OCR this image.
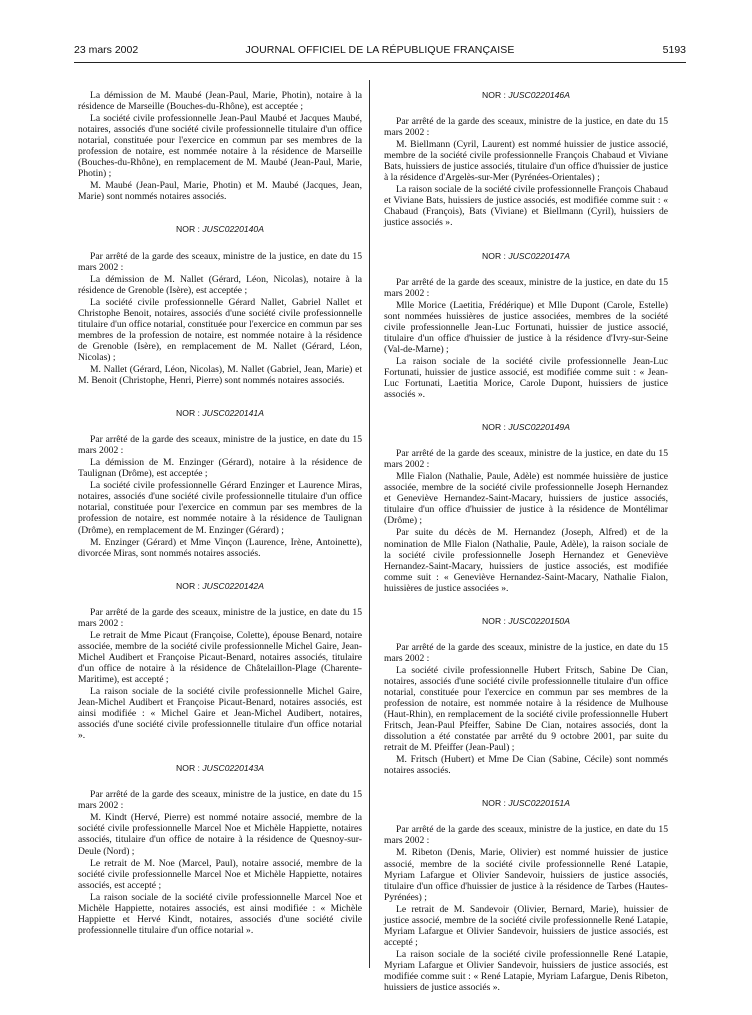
23 mars 2002	JOURNAL OFFICIEL DE LA RÉPUBLIQUE FRANÇAISE	5193

La démission de M. Maubé (Jean-Paul, Marie, Photin), notaire à la résidence de Marseille (Bouches-du-Rhône), est acceptée ;

La société civile professionnelle Jean-Paul Maubé et Jacques Maubé, notaires, associés d'une société civile professionnelle titulaire d'un office notarial, constituée pour l'exercice en commun par ses membres de la profession de notaire, est nommée notaire à la résidence de Marseille (Bouches-du-Rhône), en remplacement de M. Maubé (Jean-Paul, Marie, Photin) ;

M. Maubé (Jean-Paul, Marie, Photin) et M. Maubé (Jacques, Jean, Marie) sont nommés notaires associés.

NOR : JUSC0220140A

Par arrêté de la garde des sceaux, ministre de la justice, en date du 15 mars 2002 :

La démission de M. Nallet (Gérard, Léon, Nicolas), notaire à la résidence de Grenoble (Isère), est acceptée ;

La société civile professionnelle Gérard Nallet, Gabriel Nallet et Christophe Benoit, notaires, associés d'une société civile professionnelle titulaire d'un office notarial, constituée pour l'exercice en commun par ses membres de la profession de notaire, est nommée notaire à la résidence de Grenoble (Isère), en remplacement de M. Nallet (Gérard, Léon, Nicolas) ;

M. Nallet (Gérard, Léon, Nicolas), M. Nallet (Gabriel, Jean, Marie) et M. Benoit (Christophe, Henri, Pierre) sont nommés notaires associés.

NOR : JUSC0220141A

Par arrêté de la garde des sceaux, ministre de la justice, en date du 15 mars 2002 :

La démission de M. Enzinger (Gérard), notaire à la résidence de Taulignan (Drôme), est acceptée ;

La société civile professionnelle Gérard Enzinger et Laurence Miras, notaires, associés d'une société civile professionnelle titulaire d'un office notarial, constituée pour l'exercice en commun par ses membres de la profession de notaire, est nommée notaire à la résidence de Taulignan (Drôme), en remplacement de M. Enzinger (Gérard) ;

M. Enzinger (Gérard) et Mme Vinçon (Laurence, Irène, Antoinette), divorcée Miras, sont nommés notaires associés.

NOR : JUSC0220142A

Par arrêté de la garde des sceaux, ministre de la justice, en date du 15 mars 2002 :

Le retrait de Mme Picaut (Françoise, Colette), épouse Benard, notaire associée, membre de la société civile professionnelle Michel Gaire, Jean-Michel Audibert et Françoise Picaut-Benard, notaires associés, titulaire d'un office de notaire à la résidence de Châtelaillon-Plage (Charente-Maritime), est accepté ;

La raison sociale de la société civile professionnelle Michel Gaire, Jean-Michel Audibert et Françoise Picaut-Benard, notaires associés, est ainsi modifiée : « Michel Gaire et Jean-Michel Audibert, notaires, associés d'une société civile professionnelle titulaire d'un office notarial ».

NOR : JUSC0220143A

Par arrêté de la garde des sceaux, ministre de la justice, en date du 15 mars 2002 :

M. Kindt (Hervé, Pierre) est nommé notaire associé, membre de la société civile professionnelle Marcel Noe et Michèle Happiette, notaires associés, titulaire d'un office de notaire à la résidence de Quesnoy-sur-Deule (Nord) ;

Le retrait de M. Noe (Marcel, Paul), notaire associé, membre de la société civile professionnelle Marcel Noe et Michèle Happiette, notaires associés, est accepté ;

La raison sociale de la société civile professionnelle Marcel Noe et Michèle Happiette, notaires associés, est ainsi modifiée : « Michèle Happiette et Hervé Kindt, notaires, associés d'une société civile professionnelle titulaire d'un office notarial ».

NOR : JUSC0220146A

Par arrêté de la garde des sceaux, ministre de la justice, en date du 15 mars 2002 :

M. Biellmann (Cyril, Laurent) est nommé huissier de justice associé, membre de la société civile professionnelle François Chabaud et Viviane Bats, huissiers de justice associés, titulaire d'un office d'huissier de justice à la résidence d'Argelès-sur-Mer (Pyrénées-Orientales) ;

La raison sociale de la société civile professionnelle François Chabaud et Viviane Bats, huissiers de justice associés, est modifiée comme suit : « Chabaud (François), Bats (Viviane) et Biellmann (Cyril), huissiers de justice associés ».

NOR : JUSC0220147A

Par arrêté de la garde des sceaux, ministre de la justice, en date du 15 mars 2002 :

Mlle Morice (Laetitia, Frédérique) et Mlle Dupont (Carole, Estelle) sont nommées huissières de justice associées, membres de la société civile professionnelle Jean-Luc Fortunati, huissier de justice associé, titulaire d'un office d'huissier de justice à la résidence d'Ivry-sur-Seine (Val-de-Marne) ;

La raison sociale de la société civile professionnelle Jean-Luc Fortunati, huissier de justice associé, est modifiée comme suit : « Jean-Luc Fortunati, Laetitia Morice, Carole Dupont, huissiers de justice associés ».

NOR : JUSC0220149A

Par arrêté de la garde des sceaux, ministre de la justice, en date du 15 mars 2002 :

Mlle Fialon (Nathalie, Paule, Adèle) est nommée huissière de justice associée, membre de la société civile professionnelle Joseph Hernandez et Geneviève Hernandez-Saint-Macary, huissiers de justice associés, titulaire d'un office d'huissier de justice à la résidence de Montélimar (Drôme) ;

Par suite du décès de M. Hernandez (Joseph, Alfred) et de la nomination de Mlle Fialon (Nathalie, Paule, Adèle), la raison sociale de la société civile professionnelle Joseph Hernandez et Geneviève Hernandez-Saint-Macary, huissiers de justice associés, est modifiée comme suit : « Geneviève Hernandez-Saint-Macary, Nathalie Fialon, huissières de justice associées ».

NOR : JUSC0220150A

Par arrêté de la garde des sceaux, ministre de la justice, en date du 15 mars 2002 :

La société civile professionnelle Hubert Fritsch, Sabine De Cian, notaires, associés d'une société civile professionnelle titulaire d'un office notarial, constituée pour l'exercice en commun par ses membres de la profession de notaire, est nommée notaire à la résidence de Mulhouse (Haut-Rhin), en remplacement de la société civile professionnelle Hubert Fritsch, Jean-Paul Pfeiffer, Sabine De Cian, notaires associés, dont la dissolution a été constatée par arrêté du 9 octobre 2001, par suite du retrait de M. Pfeiffer (Jean-Paul) ;

M. Fritsch (Hubert) et Mme De Cian (Sabine, Cécile) sont nommés notaires associés.

NOR : JUSC0220151A

Par arrêté de la garde des sceaux, ministre de la justice, en date du 15 mars 2002 :

M. Ribeton (Denis, Marie, Olivier) est nommé huissier de justice associé, membre de la société civile professionnelle René Latapie, Myriam Lafargue et Olivier Sandevoir, huissiers de justice associés, titulaire d'un office d'huissier de justice à la résidence de Tarbes (Hautes-Pyrénées) ;

Le retrait de M. Sandevoir (Olivier, Bernard, Marie), huissier de justice associé, membre de la société civile professionnelle René Latapie, Myriam Lafargue et Olivier Sandevoir, huissiers de justice associés, est accepté ;

La raison sociale de la société civile professionnelle René Latapie, Myriam Lafargue et Olivier Sandevoir, huissiers de justice associés, est modifiée comme suit : « René Latapie, Myriam Lafargue, Denis Ribeton, huissiers de justice associés ».
